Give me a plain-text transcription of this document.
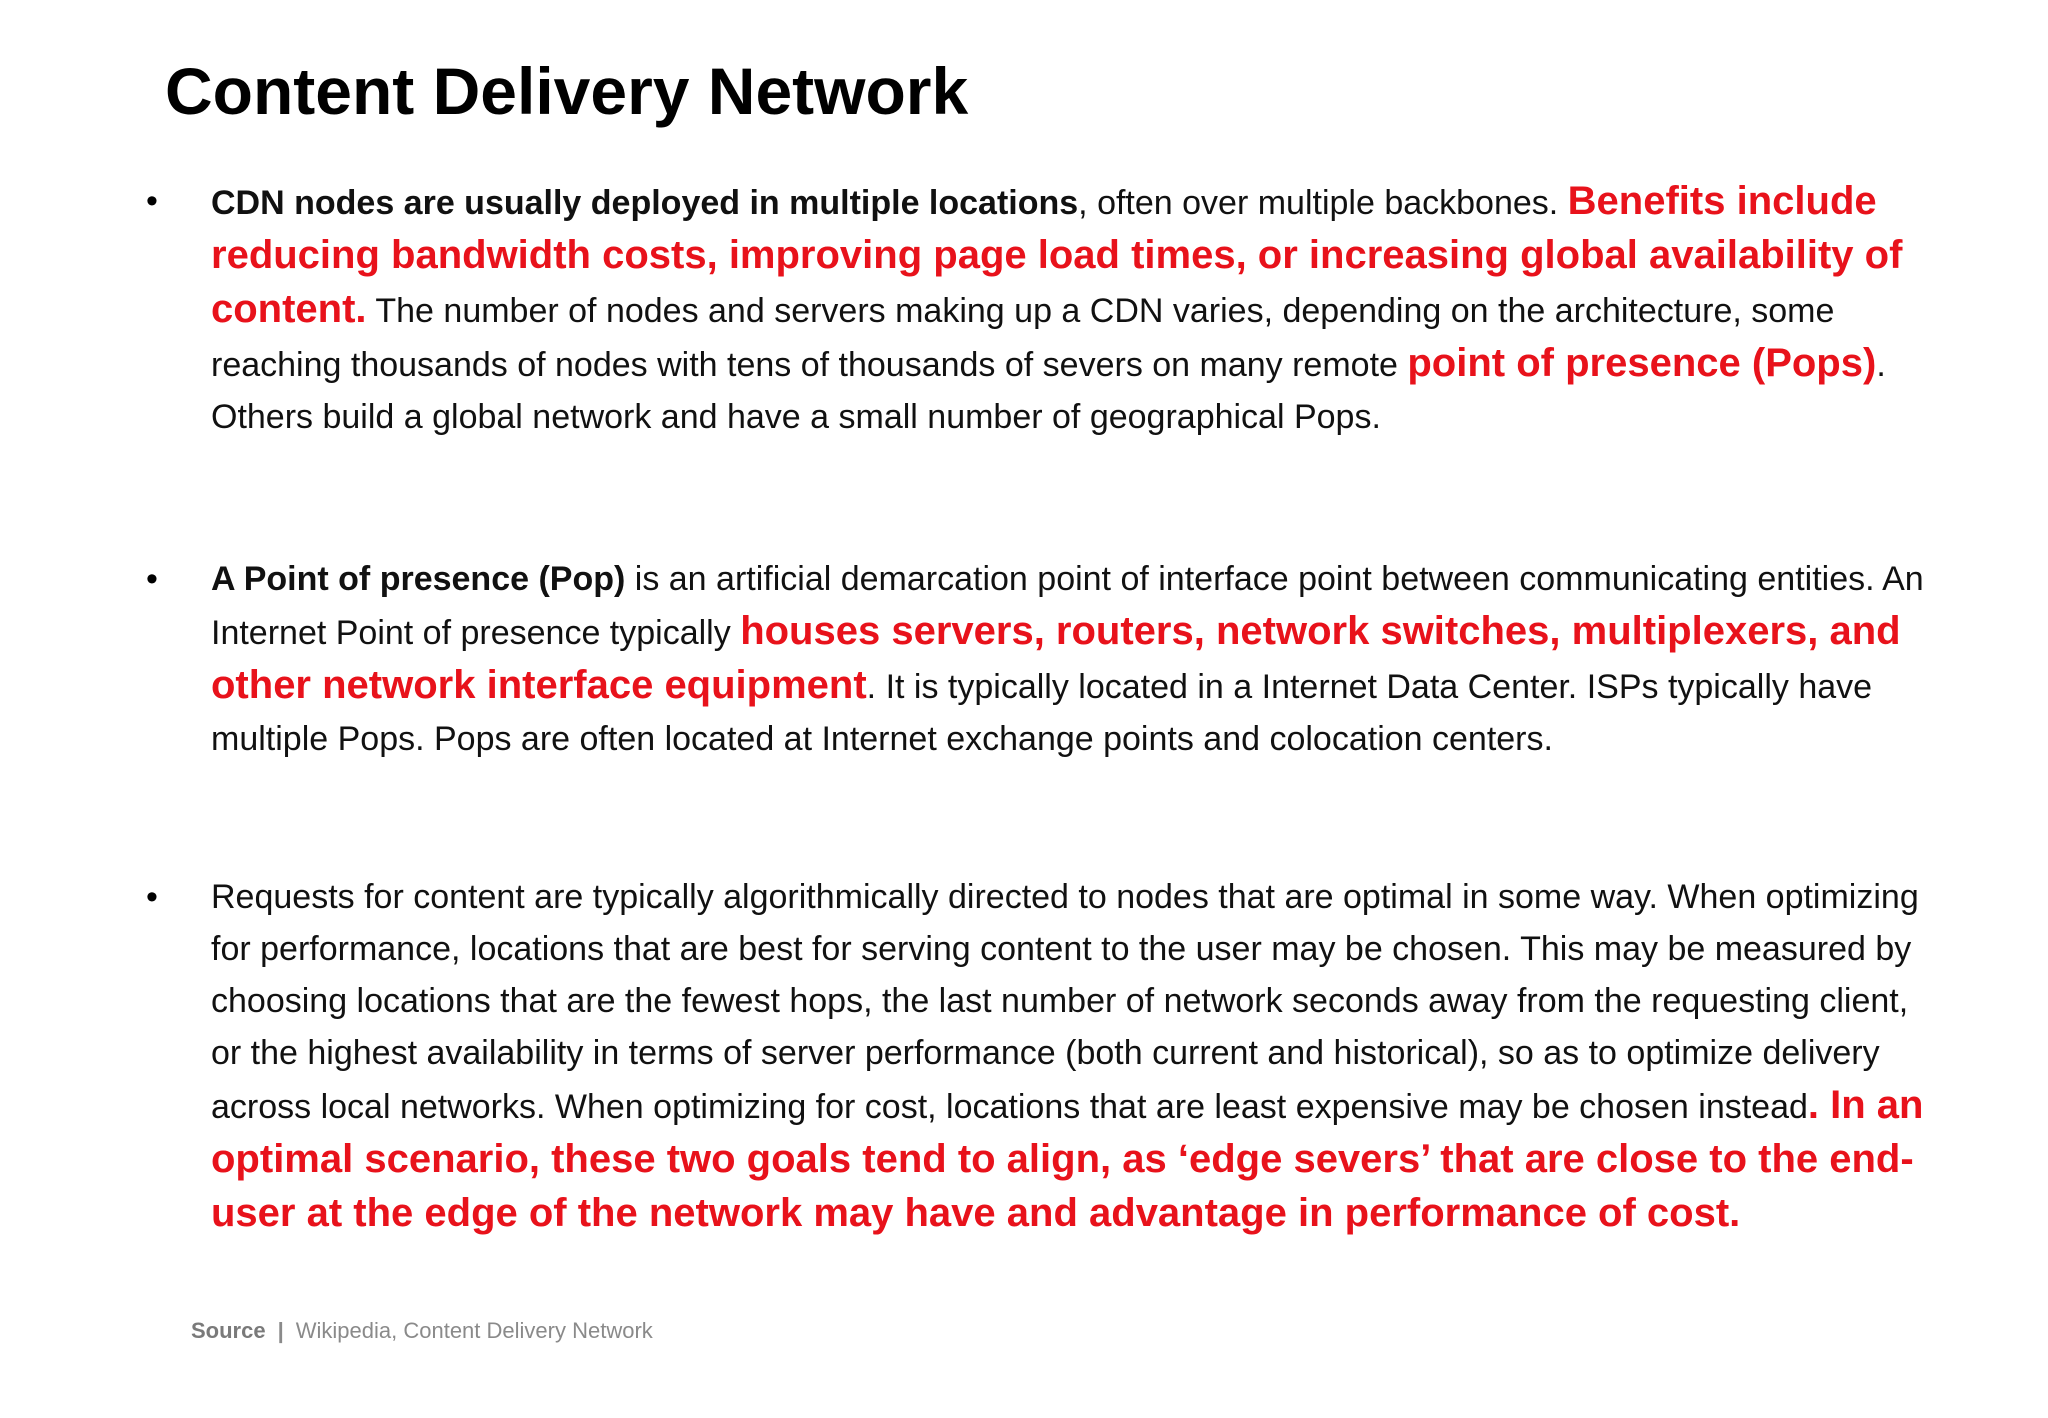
Content Delivery Network
• CDN nodes are usually deployed in multiple locations, often over multiple backbones. Benefits include reducing bandwidth costs, improving page load times, or increasing global availability of content. The number of nodes and servers making up a CDN varies, depending on the architecture, some reaching thousands of nodes with tens of thousands of severs on many remote point of presence (Pops). Others build a global network and have a small number of geographical Pops.

• A Point of presence (Pop) is an artificial demarcation point of interface point between communicating entities. An Internet Point of presence typically houses servers, routers, network switches, multiplexers, and other network interface equipment. It is typically located in a Internet Data Center. ISPs typically have multiple Pops. Pops are often located at Internet exchange points and colocation centers.

• Requests for content are typically algorithmically directed to nodes that are optimal in some way. When optimizing for performance, locations that are best for serving content to the user may be chosen. This may be measured by choosing locations that are the fewest hops, the last number of network seconds away from the requesting client, or the highest availability in terms of server performance (both current and historical), so as to optimize delivery across local networks. When optimizing for cost, locations that are least expensive may be chosen instead. In an optimal scenario, these two goals tend to align, as ‘edge severs’ that are close to the end-user at the edge of the network may have and advantage in performance of cost.

Source | Wikipedia, Content Delivery Network
